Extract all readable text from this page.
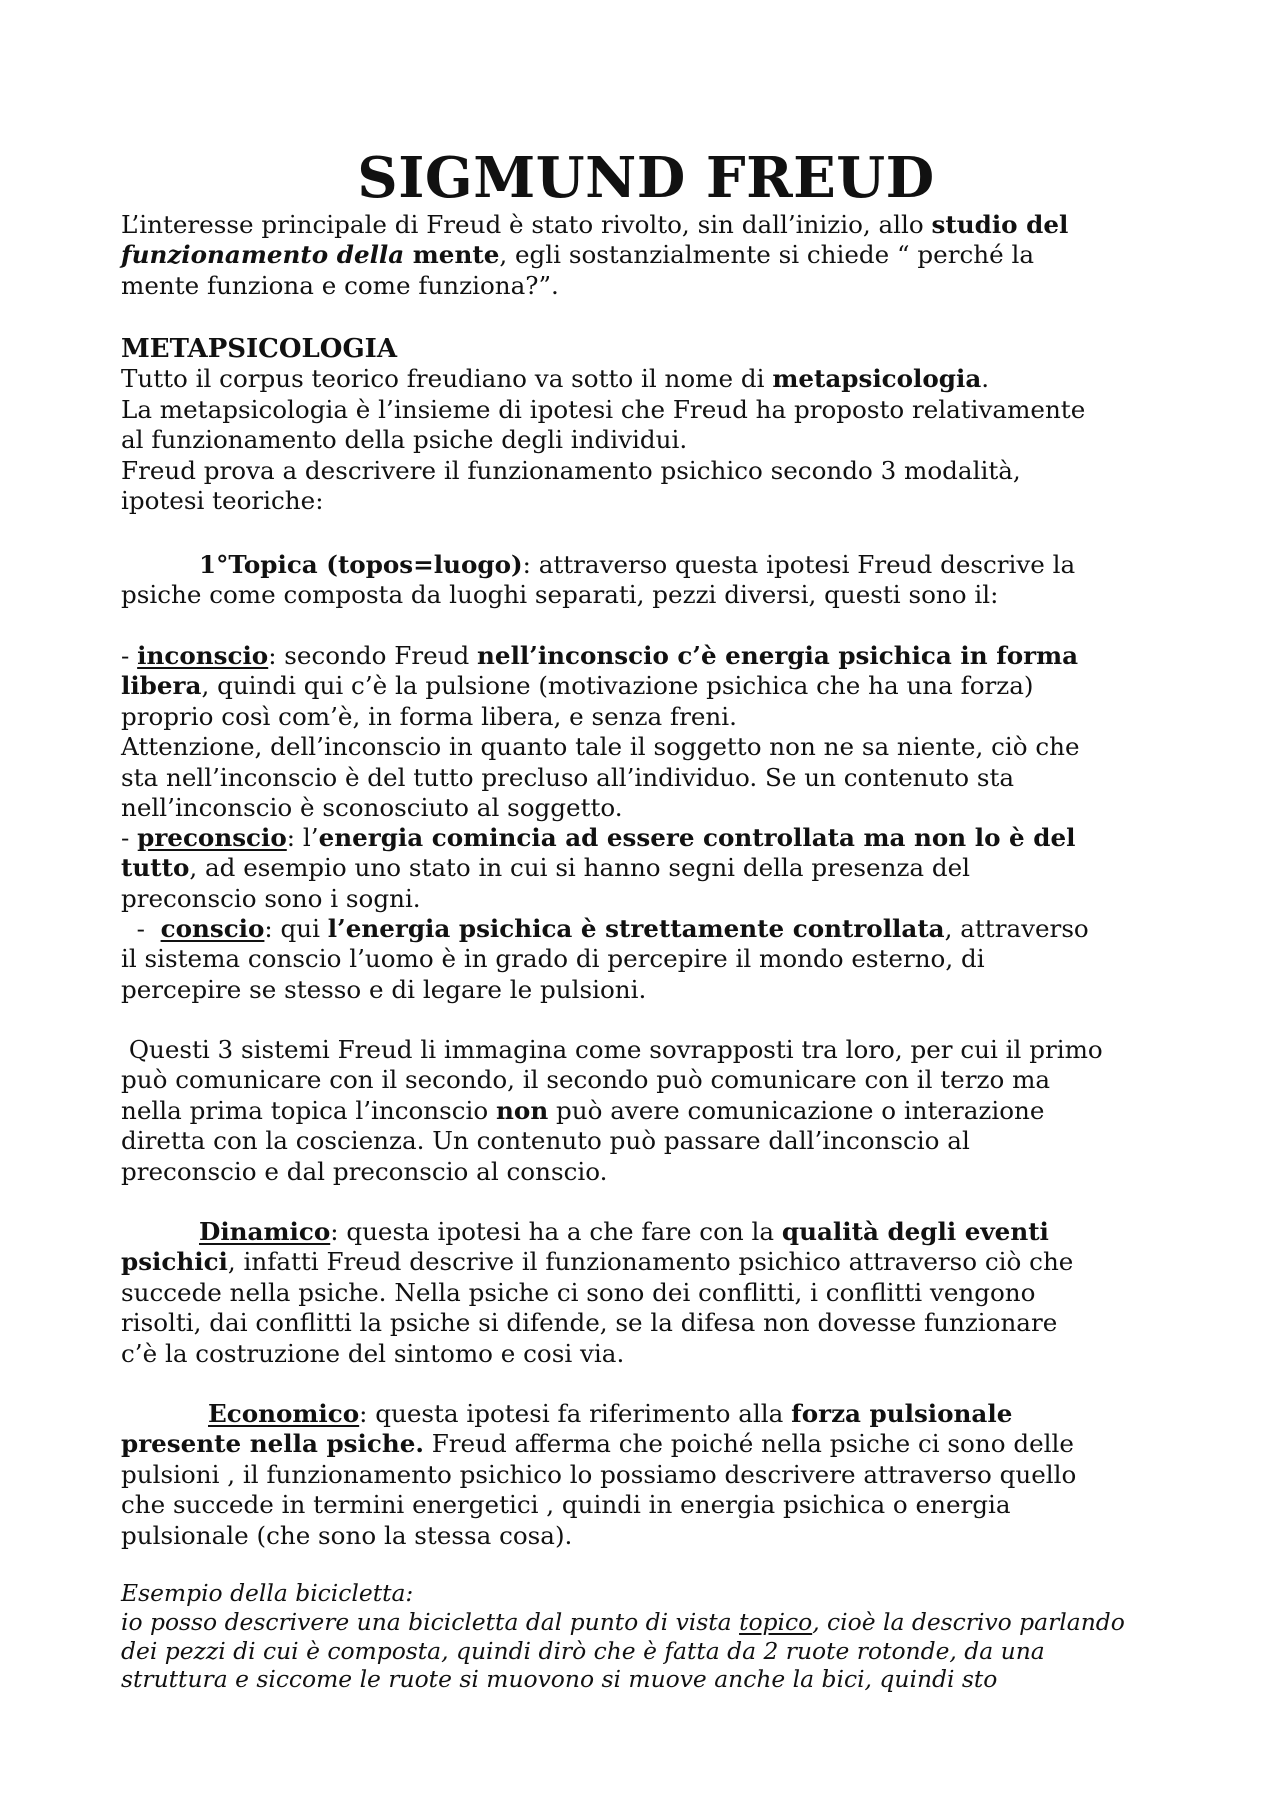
SIGMUND FREUD
L’interesse principale di Freud è stato rivolto, sin dall’inizio, allo studio del
funzionamento della mente, egli sostanzialmente si chiede “ perché la
mente funziona e come funziona?”.
METAPSICOLOGIA
Tutto il corpus teorico freudiano va sotto il nome di metapsicologia.
La metapsicologia è l’insieme di ipotesi che Freud ha proposto relativamente
al funzionamento della psiche degli individui.
Freud prova a descrivere il funzionamento psichico secondo 3 modalità,
ipotesi teoriche:
1°Topica (topos=luogo): attraverso questa ipotesi Freud descrive la
psiche come composta da luoghi separati, pezzi diversi, questi sono il:
- inconscio: secondo Freud nell’inconscio c’è energia psichica in forma
libera, quindi qui c’è la pulsione (motivazione psichica che ha una forza)
proprio così com’è, in forma libera, e senza freni.
Attenzione, dell’inconscio in quanto tale il soggetto non ne sa niente, ciò che
sta nell’inconscio è del tutto precluso all’individuo. Se un contenuto sta
nell’inconscio è sconosciuto al soggetto.
- preconscio: l’energia comincia ad essere controllata ma non lo è del
tutto, ad esempio uno stato in cui si hanno segni della presenza del
preconscio sono i sogni.
-  conscio: qui l’energia psichica è strettamente controllata, attraverso
il sistema conscio l’uomo è in grado di percepire il mondo esterno, di
percepire se stesso e di legare le pulsioni.
Questi 3 sistemi Freud li immagina come sovrapposti tra loro, per cui il primo
può comunicare con il secondo, il secondo può comunicare con il terzo ma
nella prima topica l’inconscio non può avere comunicazione o interazione
diretta con la coscienza. Un contenuto può passare dall’inconscio al
preconscio e dal preconscio al conscio.
Dinamico: questa ipotesi ha a che fare con la qualità degli eventi
psichici, infatti Freud descrive il funzionamento psichico attraverso ciò che
succede nella psiche. Nella psiche ci sono dei conflitti, i conflitti vengono
risolti, dai conflitti la psiche si difende, se la difesa non dovesse funzionare
c’è la costruzione del sintomo e cosi via.
Economico: questa ipotesi fa riferimento alla forza pulsionale
presente nella psiche. Freud afferma che poiché nella psiche ci sono delle
pulsioni , il funzionamento psichico lo possiamo descrivere attraverso quello
che succede in termini energetici , quindi in energia psichica o energia
pulsionale (che sono la stessa cosa).
Esempio della bicicletta:
io posso descrivere una bicicletta dal punto di vista topico, cioè la descrivo parlando
dei pezzi di cui è composta, quindi dirò che è fatta da 2 ruote rotonde, da una
struttura e siccome le ruote si muovono si muove anche la bici, quindi sto
